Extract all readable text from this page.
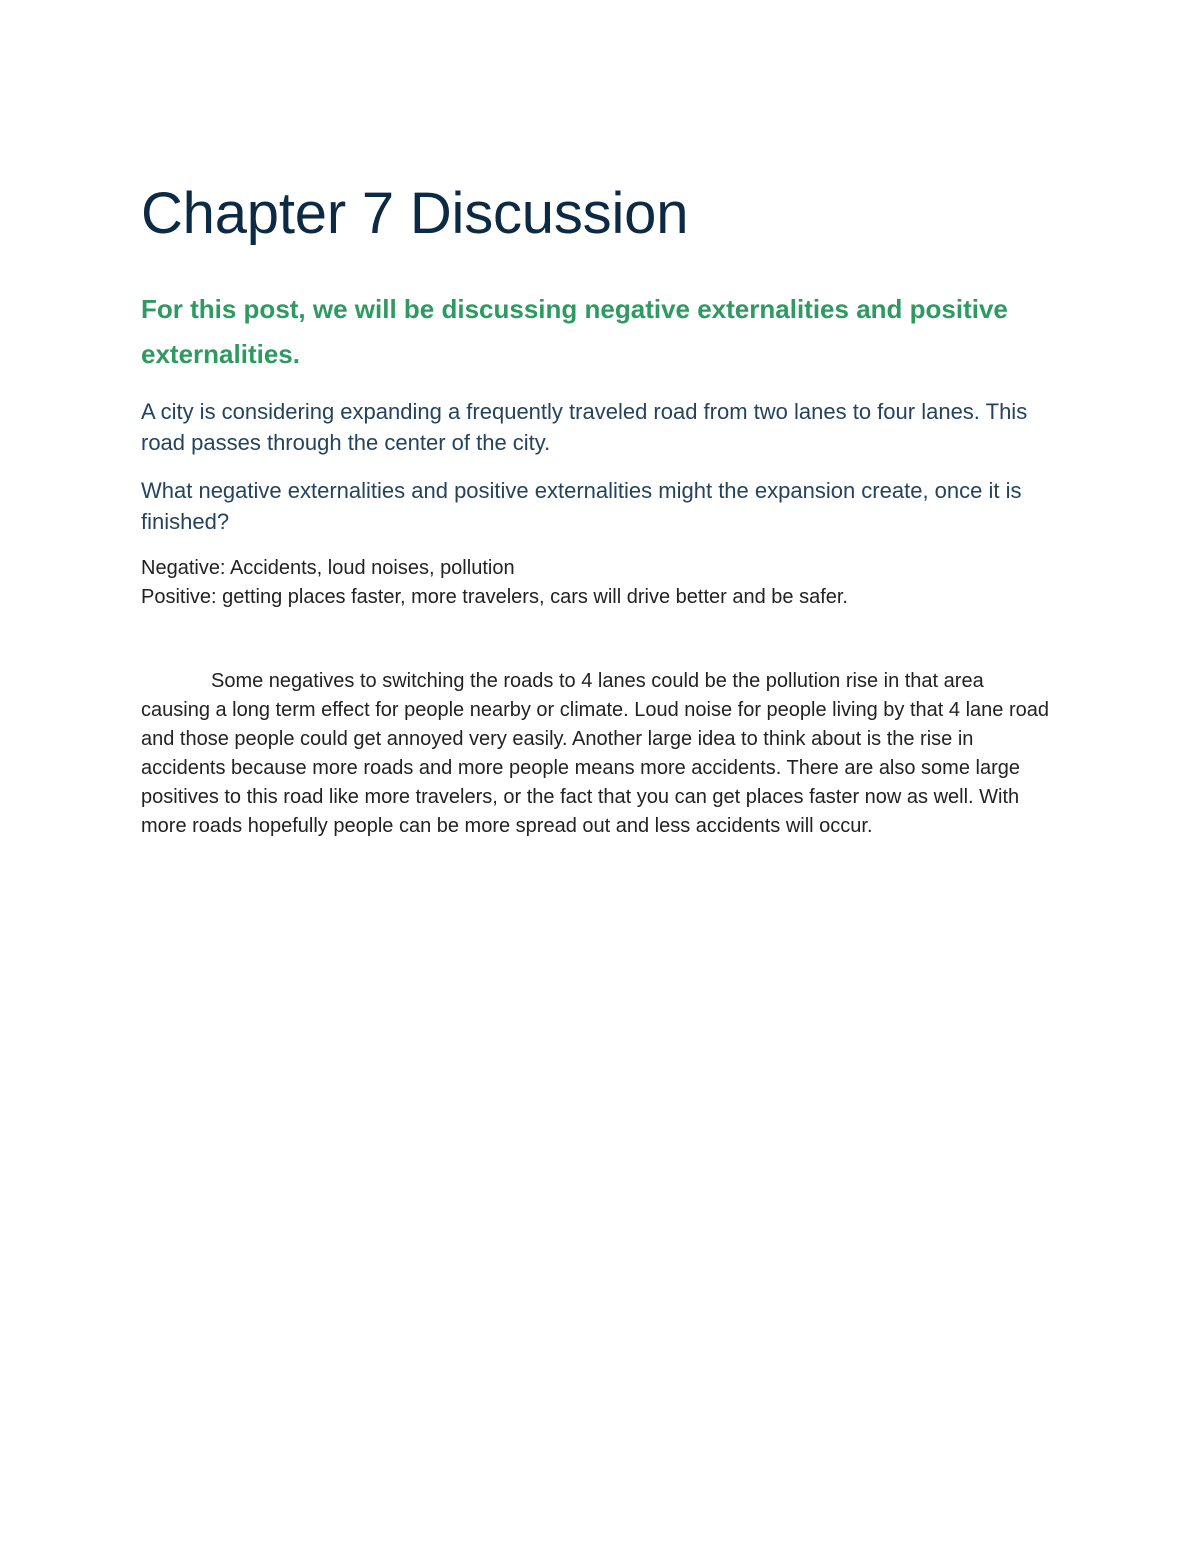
Chapter 7 Discussion

For this post, we will be discussing negative externalities and positive externalities.

A city is considering expanding a frequently traveled road from two lanes to four lanes. This road passes through the center of the city.

What negative externalities and positive externalities might the expansion create, once it is finished?

Negative: Accidents, loud noises, pollution

Positive: getting places faster, more travelers, cars will drive better and be safer.

Some negatives to switching the roads to 4 lanes could be the pollution rise in that area causing a long term effect for people nearby or climate. Loud noise for people living by that 4 lane road and those people could get annoyed very easily. Another large idea to think about is the rise in accidents because more roads and more people means more accidents. There are also some large positives to this road like more travelers, or the fact that you can get places faster now as well. With more roads hopefully people can be more spread out and less accidents will occur.
